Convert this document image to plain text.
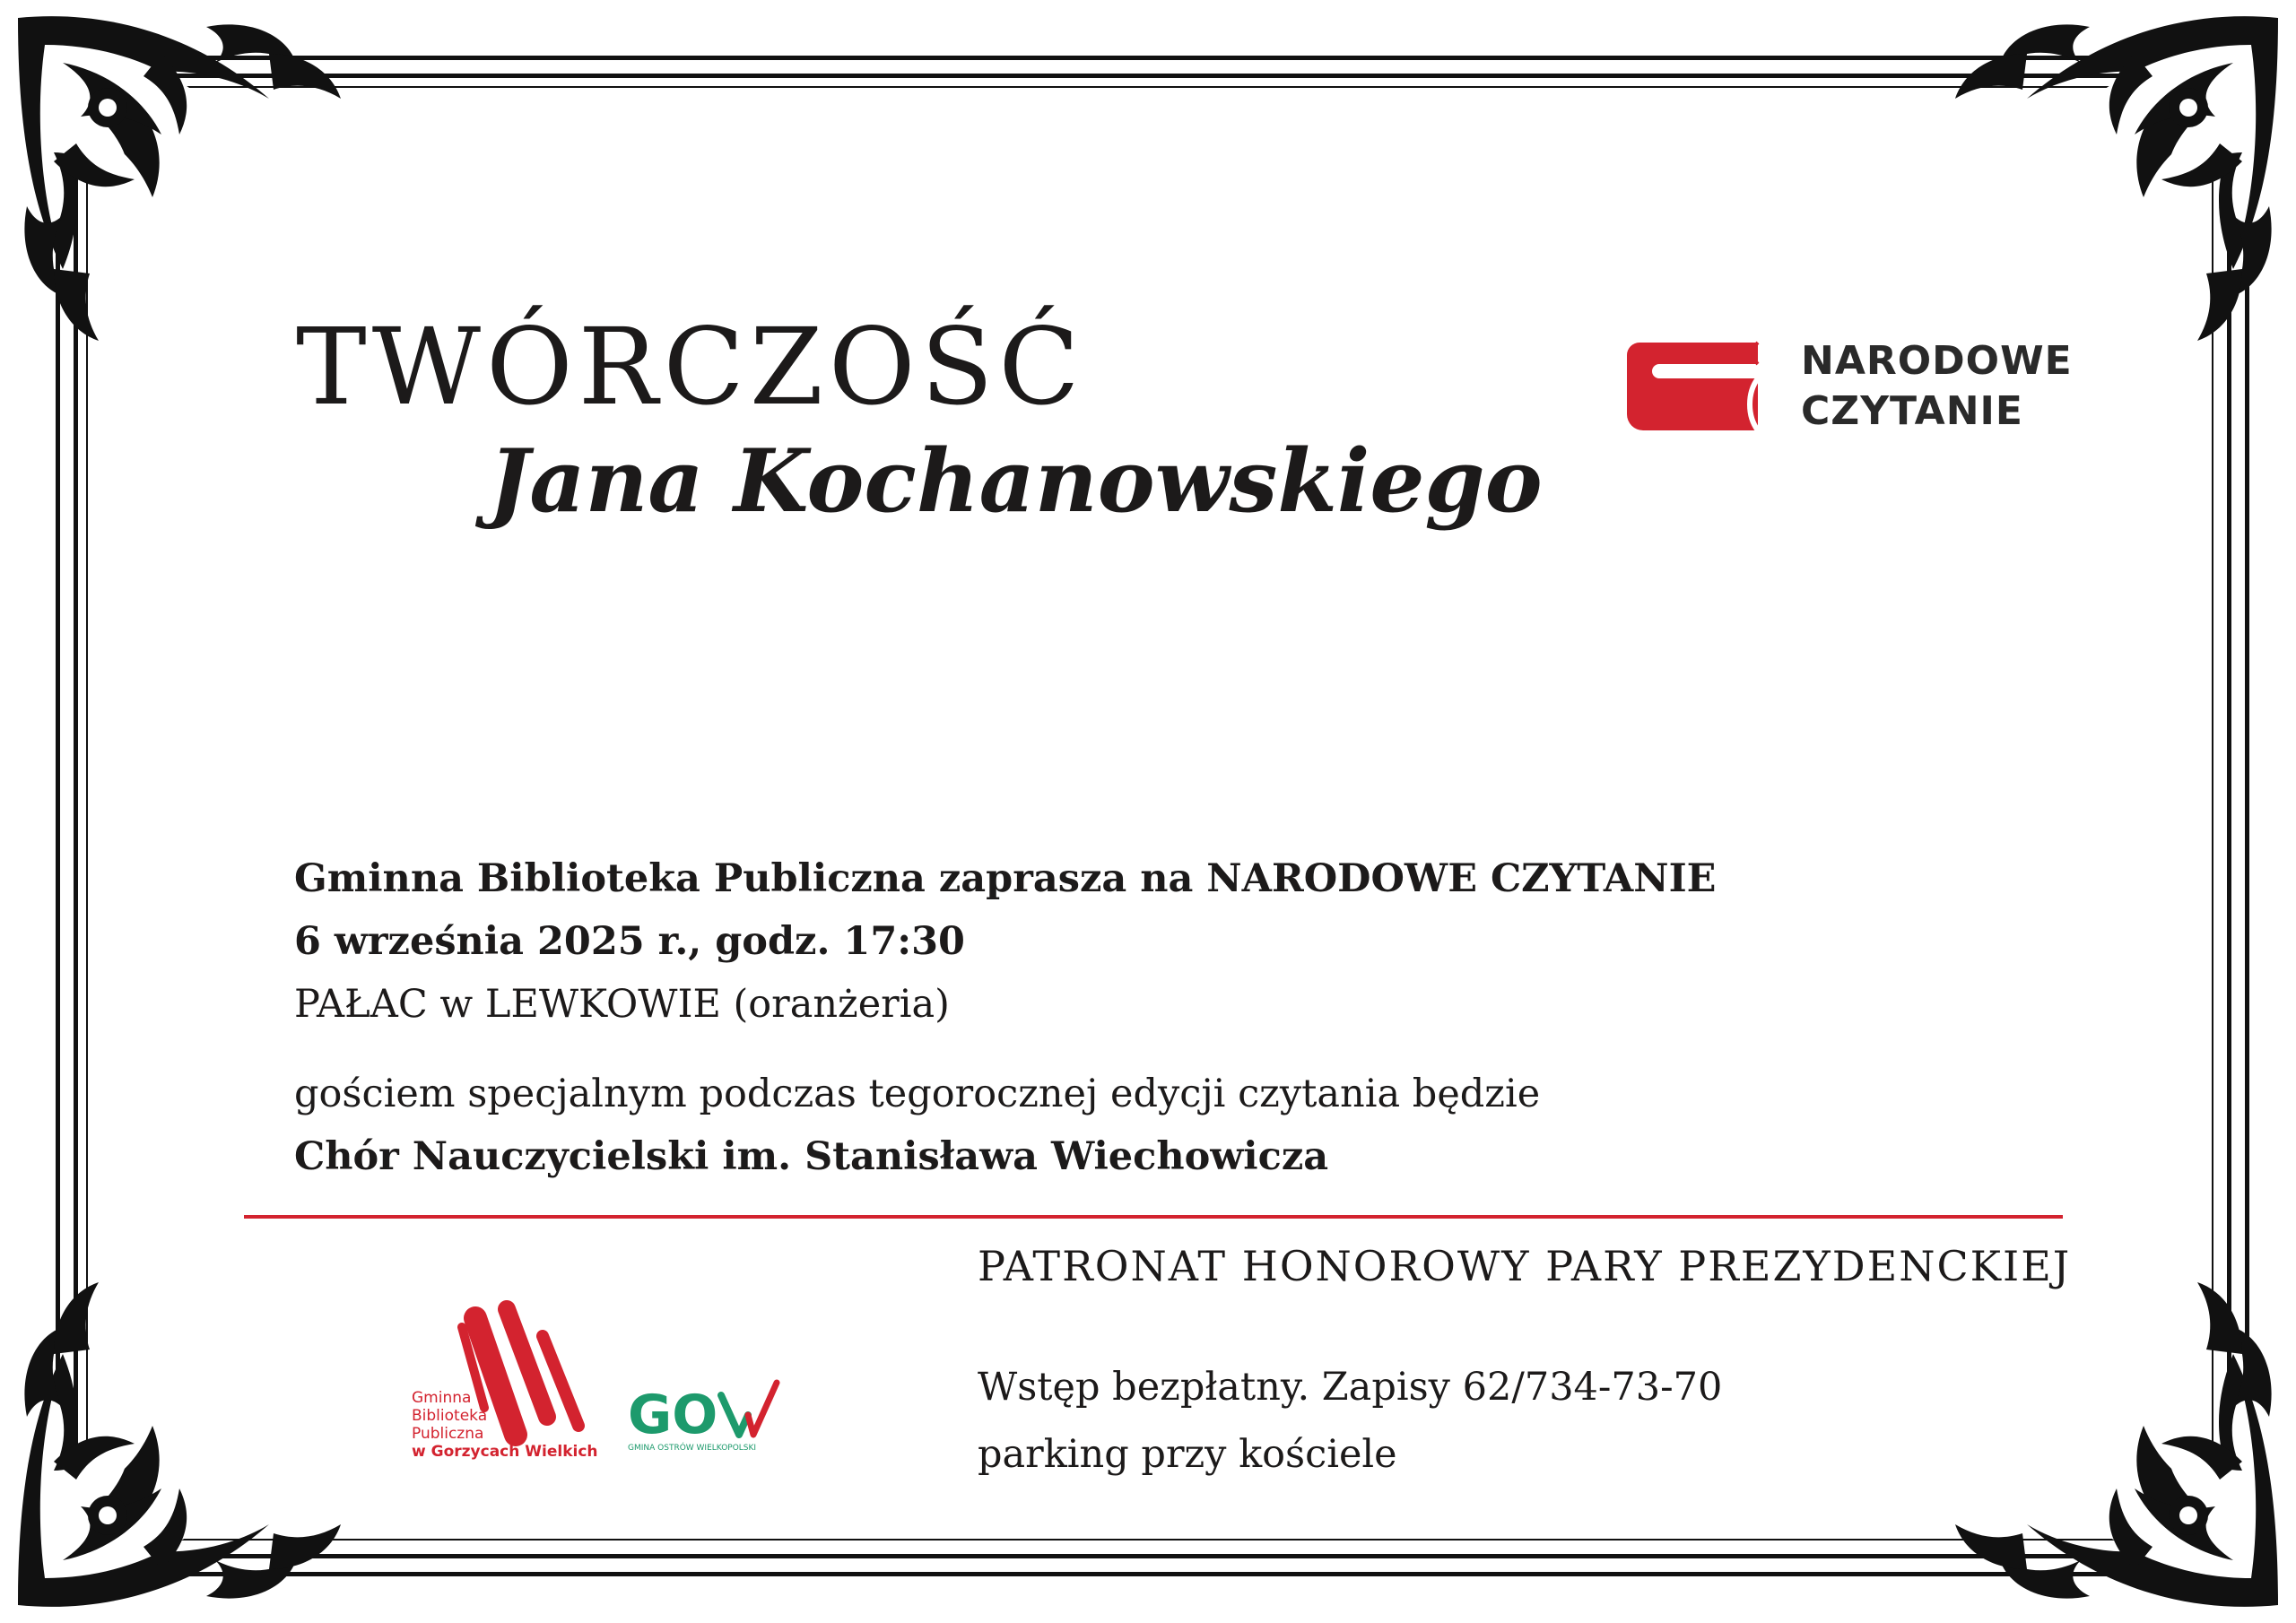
TWÓRCZOŚĆ
Jana Kochanowskiego
NARODOWE
CZYTANIE
Gminna Biblioteka Publiczna zaprasza na NARODOWE CZYTANIE
6 września 2025 r., godz. 17:30
PAŁAC w LEWKOWIE (oranżeria)
gościem specjalnym podczas tegorocznej edycji czytania będzie
Chór Nauczycielski im. Stanisława Wiechowicza
PATRONAT HONOROWY PARY PREZYDENCKIEJ
Wstęp bezpłatny. Zapisy 62/734-73-70
parking przy kościele
Gminna
Biblioteka
Publiczna
w Gorzycach Wielkich
GO
GMINA OSTRÓW WIELKOPOLSKI
